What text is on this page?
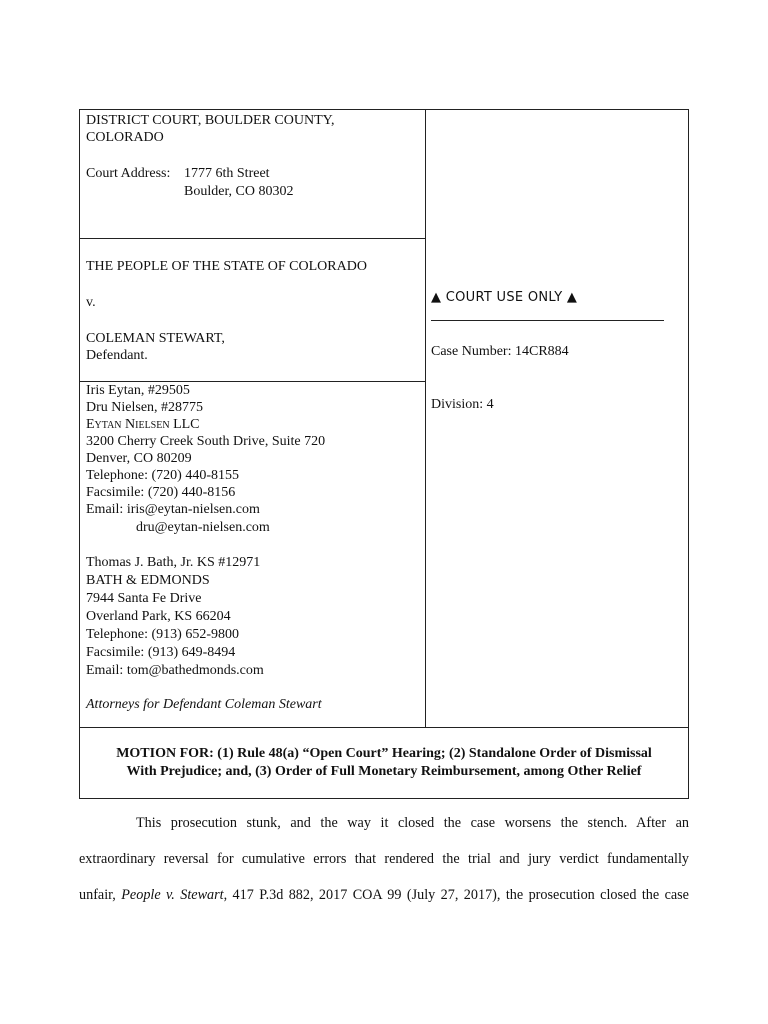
DISTRICT COURT, BOULDER COUNTY,
COLORADO
Court Address: 1777 6th Street
Boulder, CO 80302
THE PEOPLE OF THE STATE OF COLORADO
v.
COLEMAN STEWART,
Defendant.
Iris Eytan, #29505
Dru Nielsen, #28775
Eytan Nielsen LLC
3200 Cherry Creek South Drive, Suite 720
Denver, CO 80209
Telephone: (720) 440-8155
Facsimile: (720) 440-8156
Email: iris@eytan-nielsen.com
dru@eytan-nielsen.com
Thomas J. Bath, Jr. KS #12971
BATH & EDMONDS
7944 Santa Fe Drive
Overland Park, KS 66204
Telephone: (913) 652-9800
Facsimile: (913) 649-8494
Email: tom@bathedmonds.com
Attorneys for Defendant Coleman Stewart
▲ COURT USE ONLY ▲
Case Number: 14CR884
Division: 4
MOTION FOR: (1) Rule 48(a) “Open Court” Hearing; (2) Standalone Order of Dismissal
With Prejudice; and, (3) Order of Full Monetary Reimbursement, among Other Relief
This prosecution stunk, and the way it closed the case worsens the stench. After an
extraordinary reversal for cumulative errors that rendered the trial and jury verdict fundamentally
unfair, People v. Stewart, 417 P.3d 882, 2017 COA 99 (July 27, 2017), the prosecution closed the case
